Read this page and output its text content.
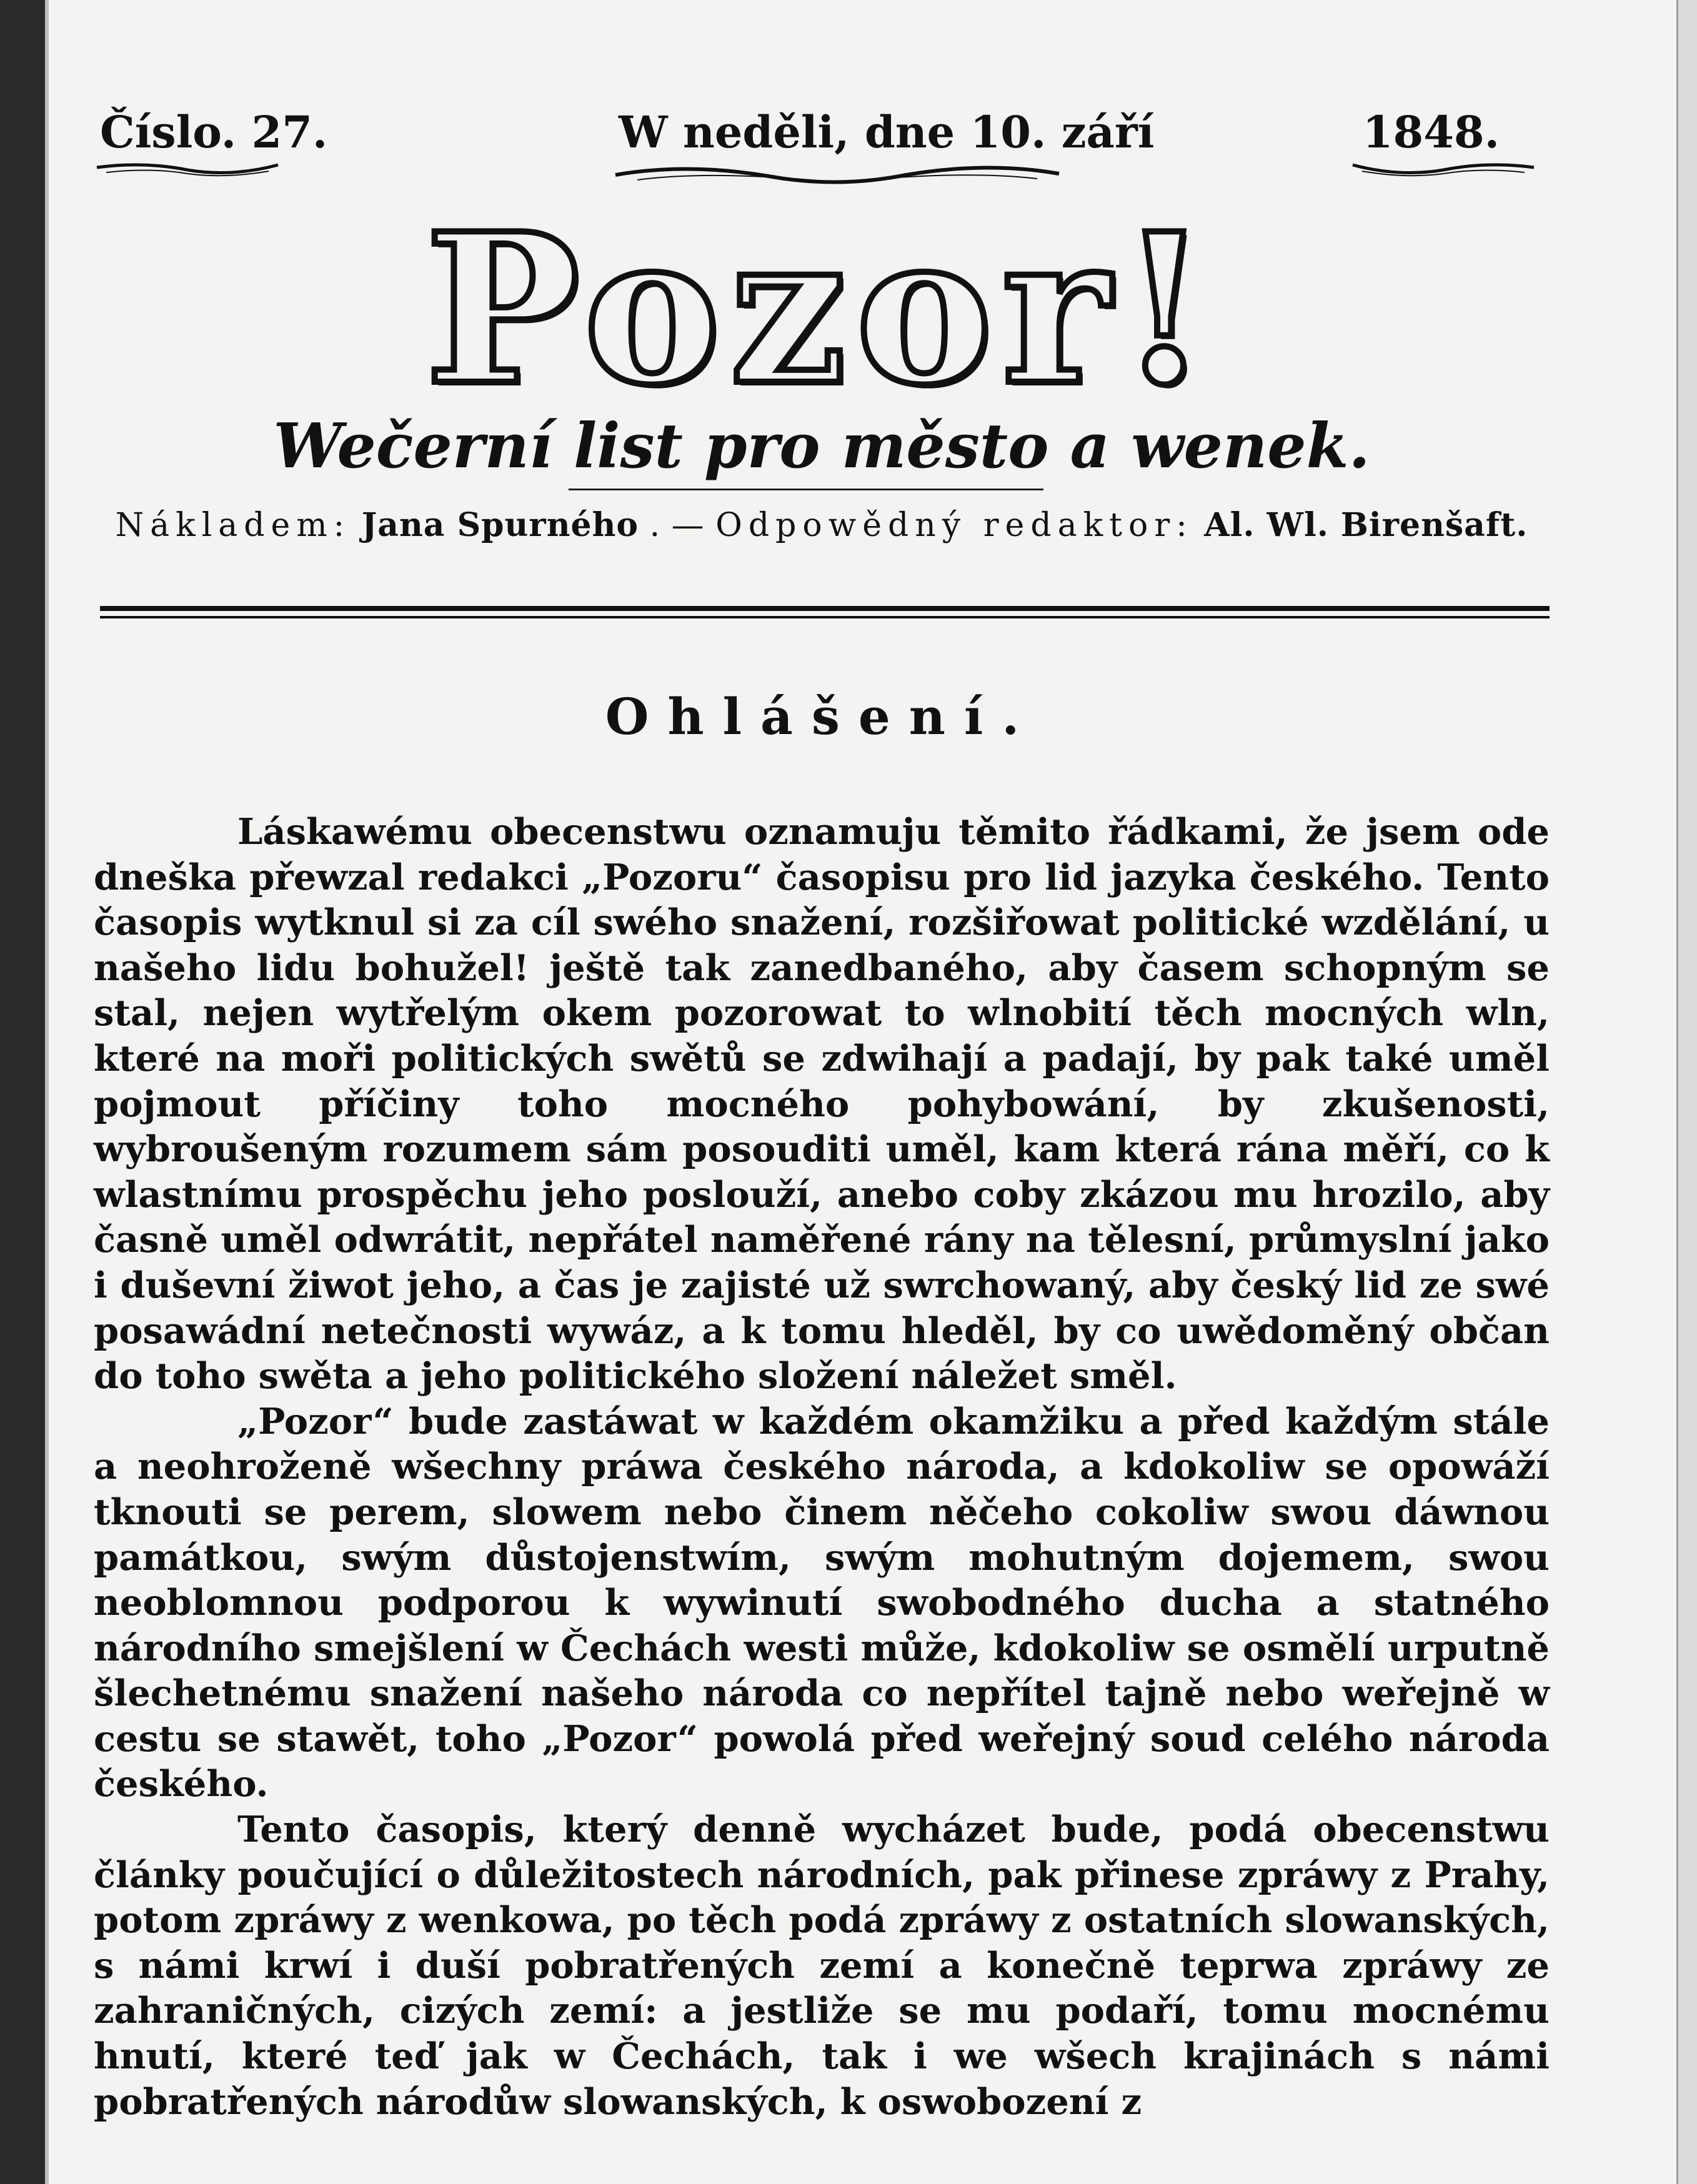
Číslo. 27.	W neděli, dne 10. září	1848.
Pozor!
Wečerní list pro město a wenek.
Nákladem: Jana Spurného . — Odpowědný redaktor: Al. Wl. Birenšaft.
Ohlášení.

Láskawému obecenstwu oznamuju těmito řádkami, že jsem ode dneška přewzal redakci „Pozoru“ časopisu pro lid jazyka českého. Tento časopis wytknul si za cíl swého snažení, rozšiřowat politické wzdělání, u našeho lidu bohužel! ještě tak zanedbaného, aby časem schopným se stal, nejen wytřelým okem pozorowat to wlnobití těch mocných wln, které na moři politických swětů se zdwihají a padají, by pak také uměl pojmout příčiny toho mocného pohybowání, by zkušenosti, wybroušeným rozumem sám posouditi uměl, kam která rána měří, co k wlastnímu prospěchu jeho poslouží, anebo coby zkázou mu hrozilo, aby časně uměl odwrátit, nepřátel naměřené rány na tělesní, průmyslní jako i duševní žiwot jeho, a čas je zajisté už swrchowaný, aby český lid ze swé posawádní netečnosti wywáz, a k tomu hleděl, by co uwědoměný občan do toho swěta a jeho politického složení náležet směl.

„Pozor“ bude zastáwat w každém okamžiku a před každým stále a neohroženě wšechny práwa českého národa, a kdokoliw se opowáží tknouti se perem, slowem nebo činem něčeho cokoliw swou dáwnou památkou, swým důstojenstwím, swým mohutným dojemem, swou neoblomnou podporou k wywinutí swobodného ducha a statného národního smejšlení w Čechách westi může, kdokoliw se osmělí urputně šlechetnému snažení našeho národa co nepřítel tajně nebo weřejně w cestu se stawět, toho „Pozor“ powolá před weřejný soud celého národa českého.

Tento časopis, který denně wycházet bude, podá obecenstwu články poučující o důležitostech národních, pak přinese zpráwy z Prahy, potom zpráwy z wenkowa, po těch podá zpráwy z ostatních slowanských, s námi krwí i duší pobratřených zemí a konečně teprwa zpráwy ze zahraničných, cizých zemí: a jestliže se mu podaří, tomu mocnému hnutí, které teď jak w Čechách, tak i we wšech krajinách s námi pobratřených národůw slowanských, k oswobození z
